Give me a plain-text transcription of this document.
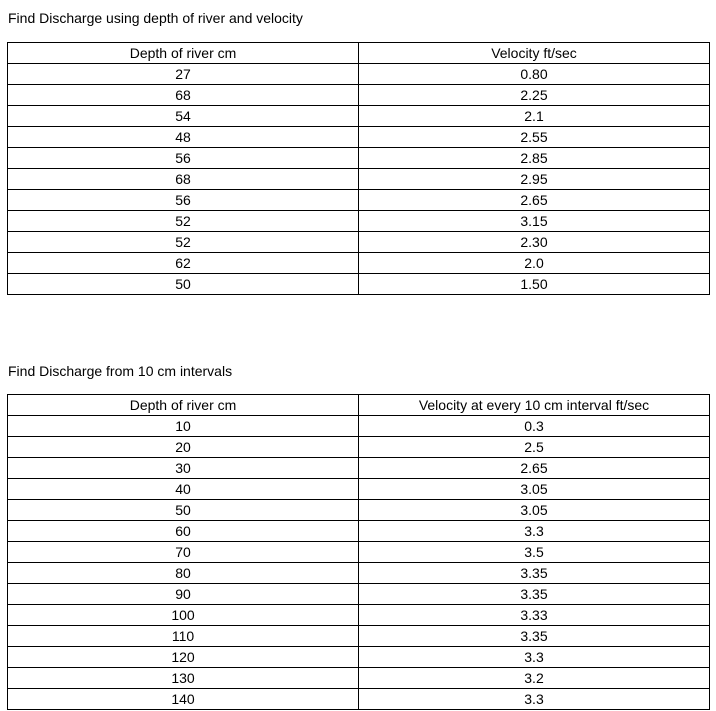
Find Discharge using depth of river and velocity
Depth of river cm	Velocity ft/sec
27	0.80
68	2.25
54	2.1
48	2.55
56	2.85
68	2.95
56	2.65
52	3.15
52	2.30
62	2.0
50	1.50
Find Discharge from 10 cm intervals
Depth of river cm	Velocity at every 10 cm interval ft/sec
10	0.3
20	2.5
30	2.65
40	3.05
50	3.05
60	3.3
70	3.5
80	3.35
90	3.35
100	3.33
110	3.35
120	3.3
130	3.2
140	3.3
